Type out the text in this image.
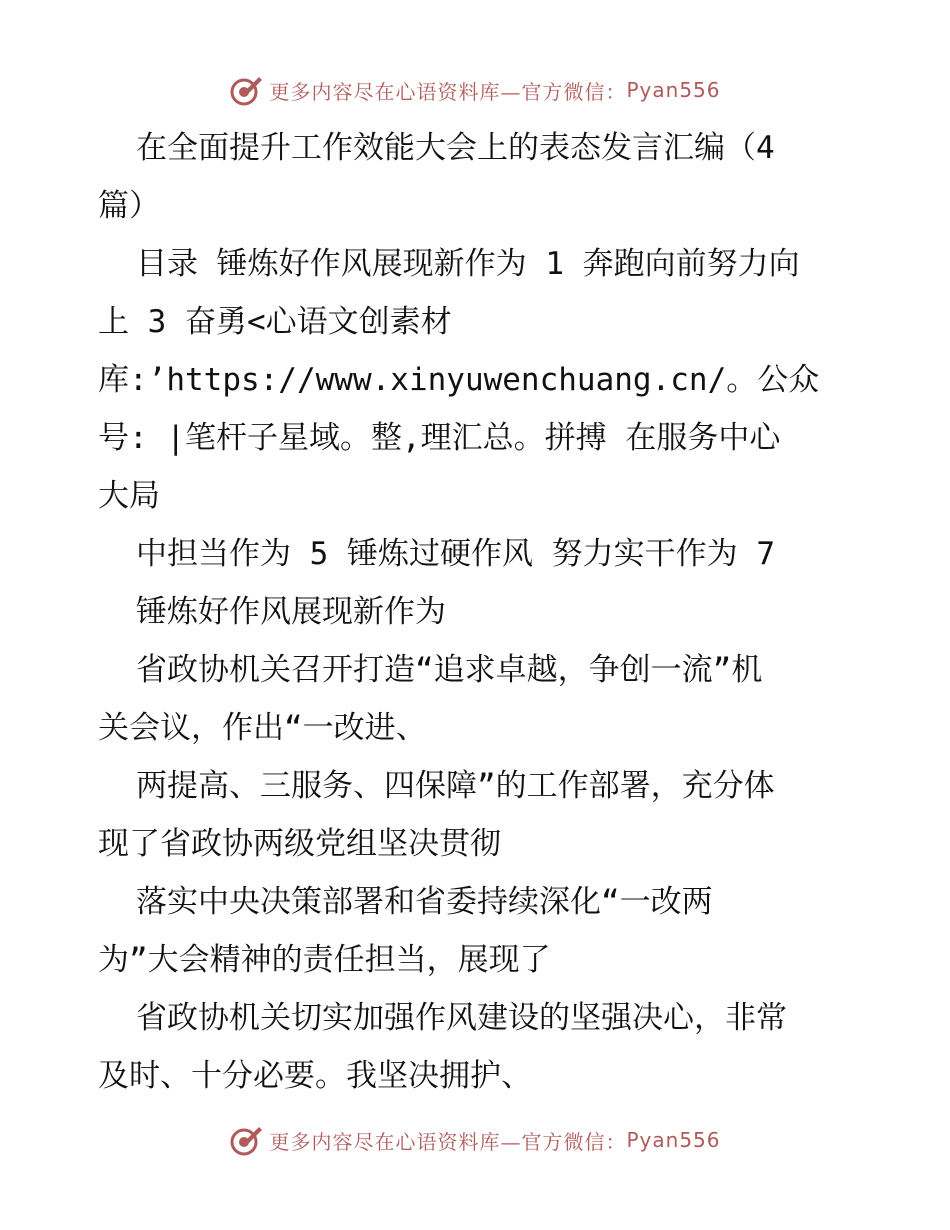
更多内容尽在心语资料库—官方微信： Pyan556
在全面提升工作效能大会上的表态发言汇编（4
篇）
目录 锤炼好作风展现新作为 1 奔跑向前努力向
上 3 奋勇<心语文创素材
库:’https://www.xinyuwenchuang.cn/。公众
号: |笔杆子星域。整,理汇总。拼搏 在服务中心
大局
中担当作为 5 锤炼过硬作风 努力实干作为 7
锤炼好作风展现新作为
省政协机关召开打造“追求卓越，争创一流”机
关会议，作出“一改进、
两提高、三服务、四保障”的工作部署，充分体
现了省政协两级党组坚决贯彻
落实中央决策部署和省委持续深化“一改两
为”大会精神的责任担当，展现了
省政协机关切实加强作风建设的坚强决心，非常
及时、十分必要。我坚决拥护、
更多内容尽在心语资料库—官方微信： Pyan556
